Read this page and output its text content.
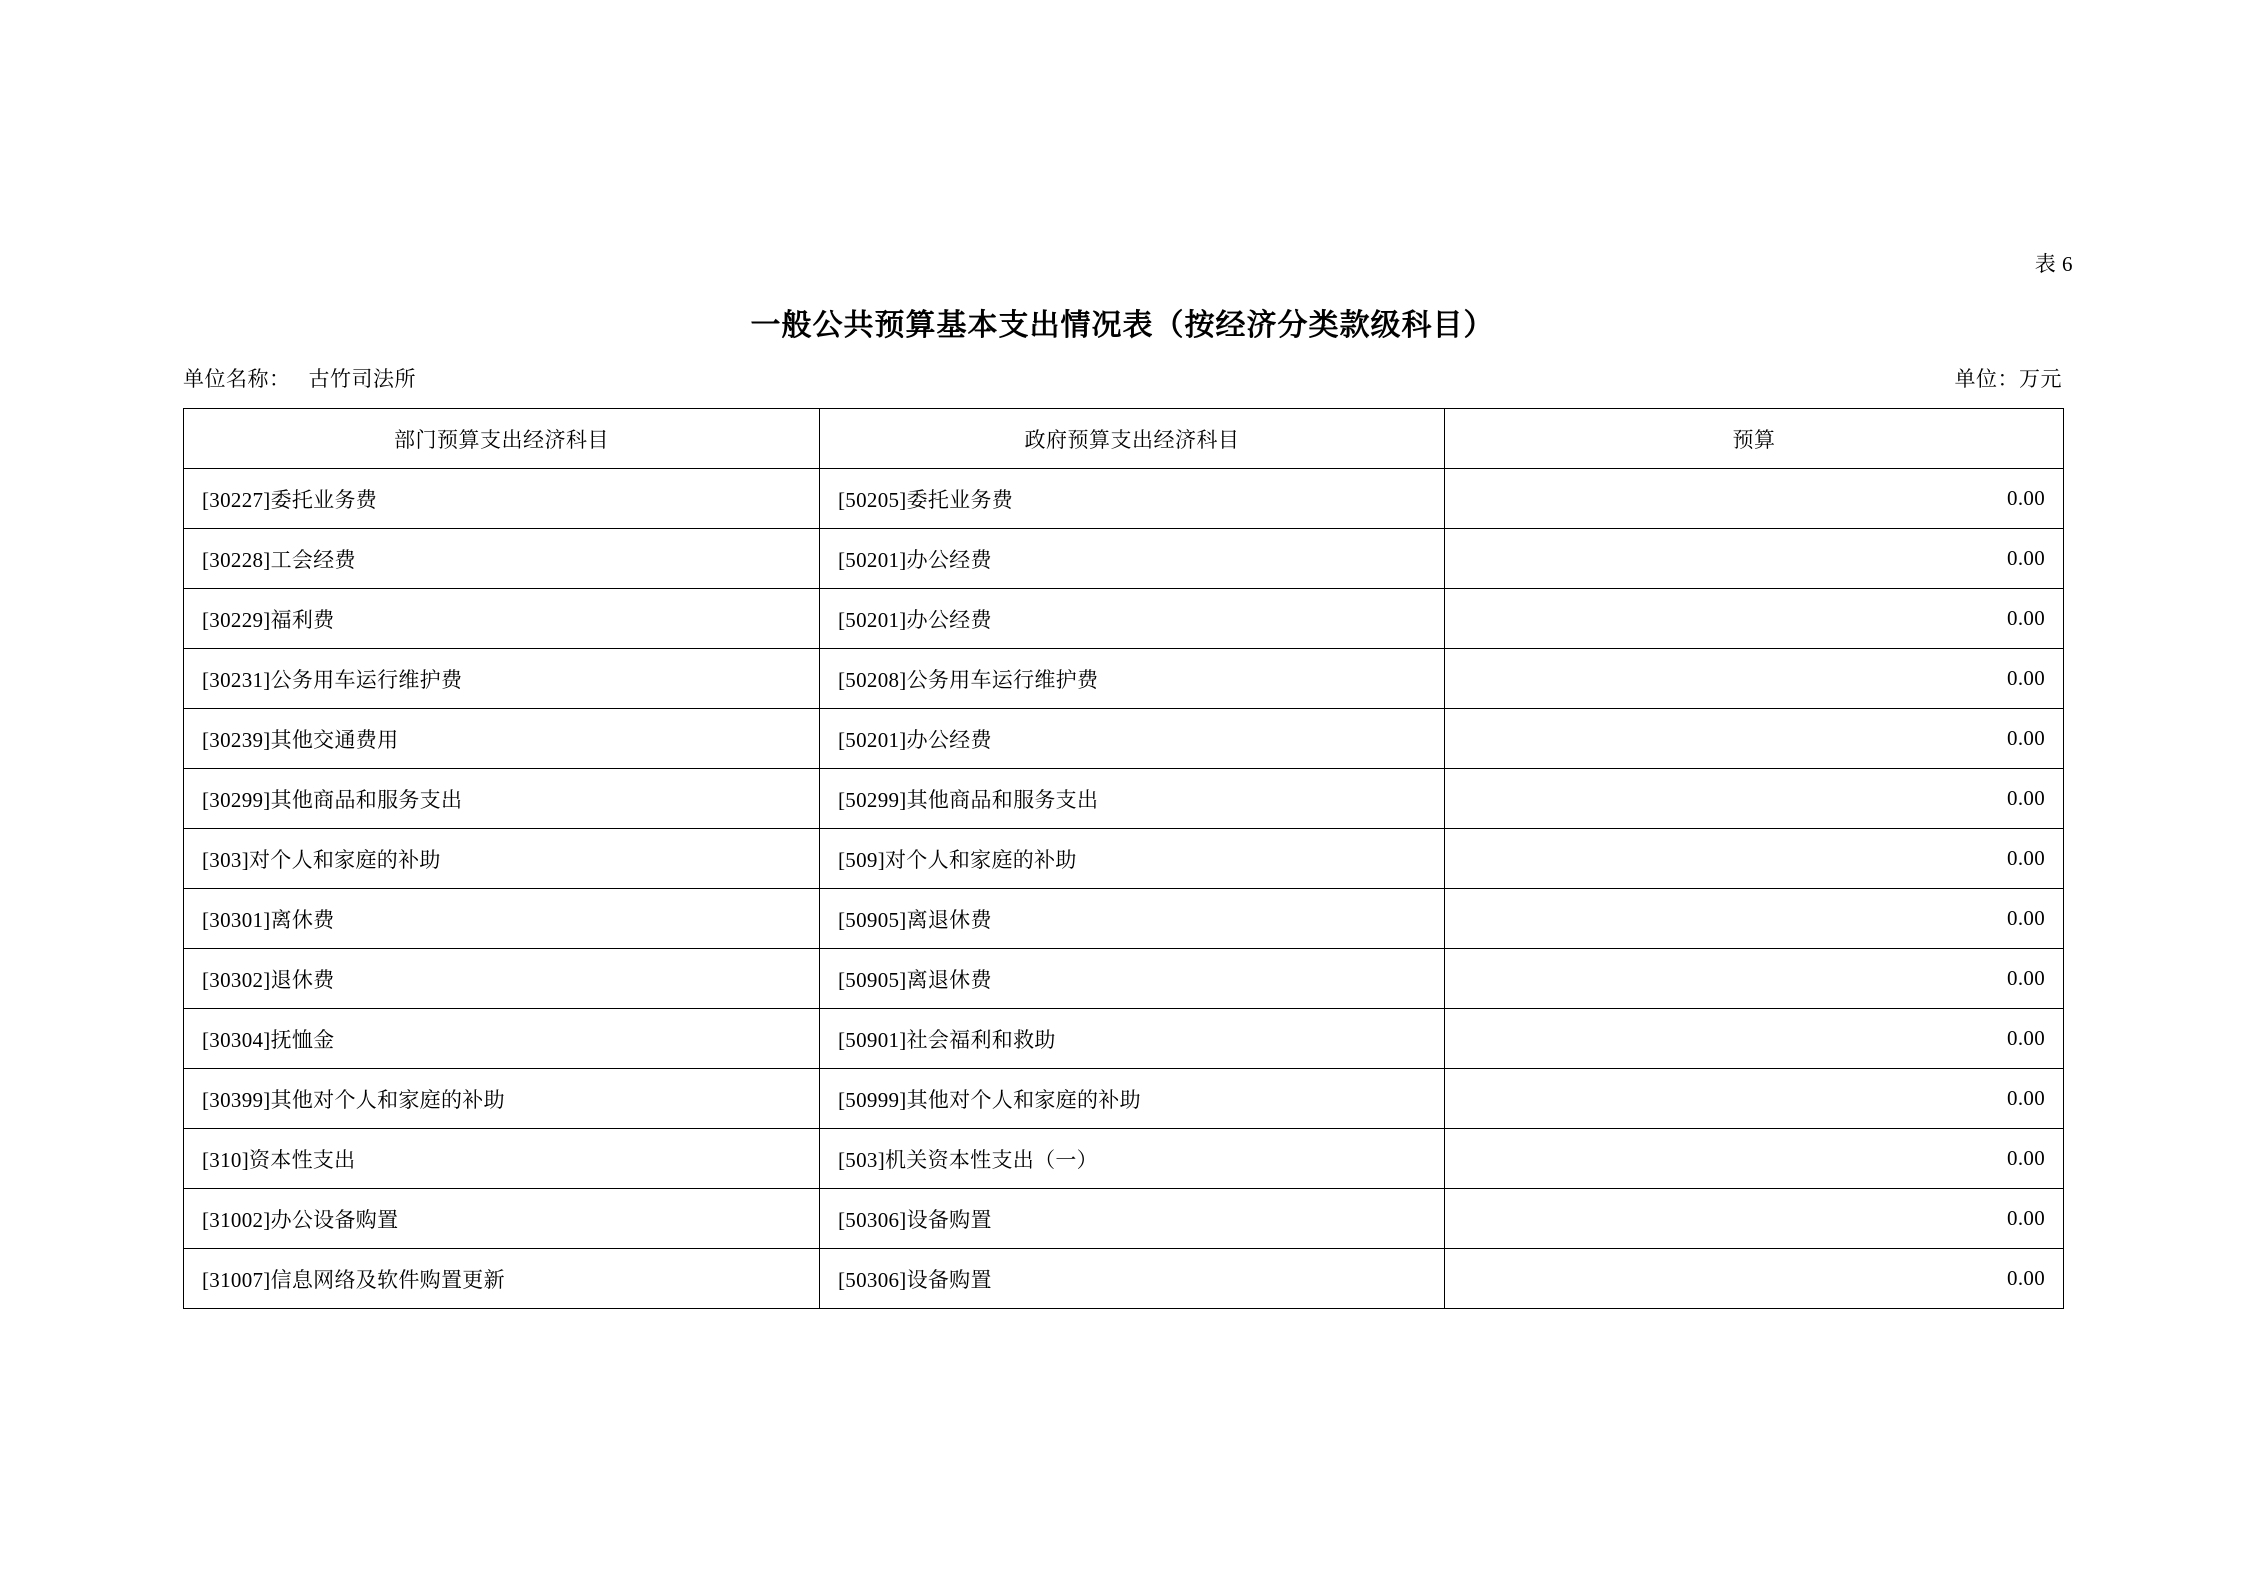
表 6
一般公共预算基本支出情况表（按经济分类款级科目）
单位名称： 古竹司法所	单位：万元
部门预算支出经济科目	政府预算支出经济科目	预算
[30227]委托业务费	[50205]委托业务费	0.00
[30228]工会经费	[50201]办公经费	0.00
[30229]福利费	[50201]办公经费	0.00
[30231]公务用车运行维护费	[50208]公务用车运行维护费	0.00
[30239]其他交通费用	[50201]办公经费	0.00
[30299]其他商品和服务支出	[50299]其他商品和服务支出	0.00
[303]对个人和家庭的补助	[509]对个人和家庭的补助	0.00
[30301]离休费	[50905]离退休费	0.00
[30302]退休费	[50905]离退休费	0.00
[30304]抚恤金	[50901]社会福利和救助	0.00
[30399]其他对个人和家庭的补助	[50999]其他对个人和家庭的补助	0.00
[310]资本性支出	[503]机关资本性支出（一）	0.00
[31002]办公设备购置	[50306]设备购置	0.00
[31007]信息网络及软件购置更新	[50306]设备购置	0.00
